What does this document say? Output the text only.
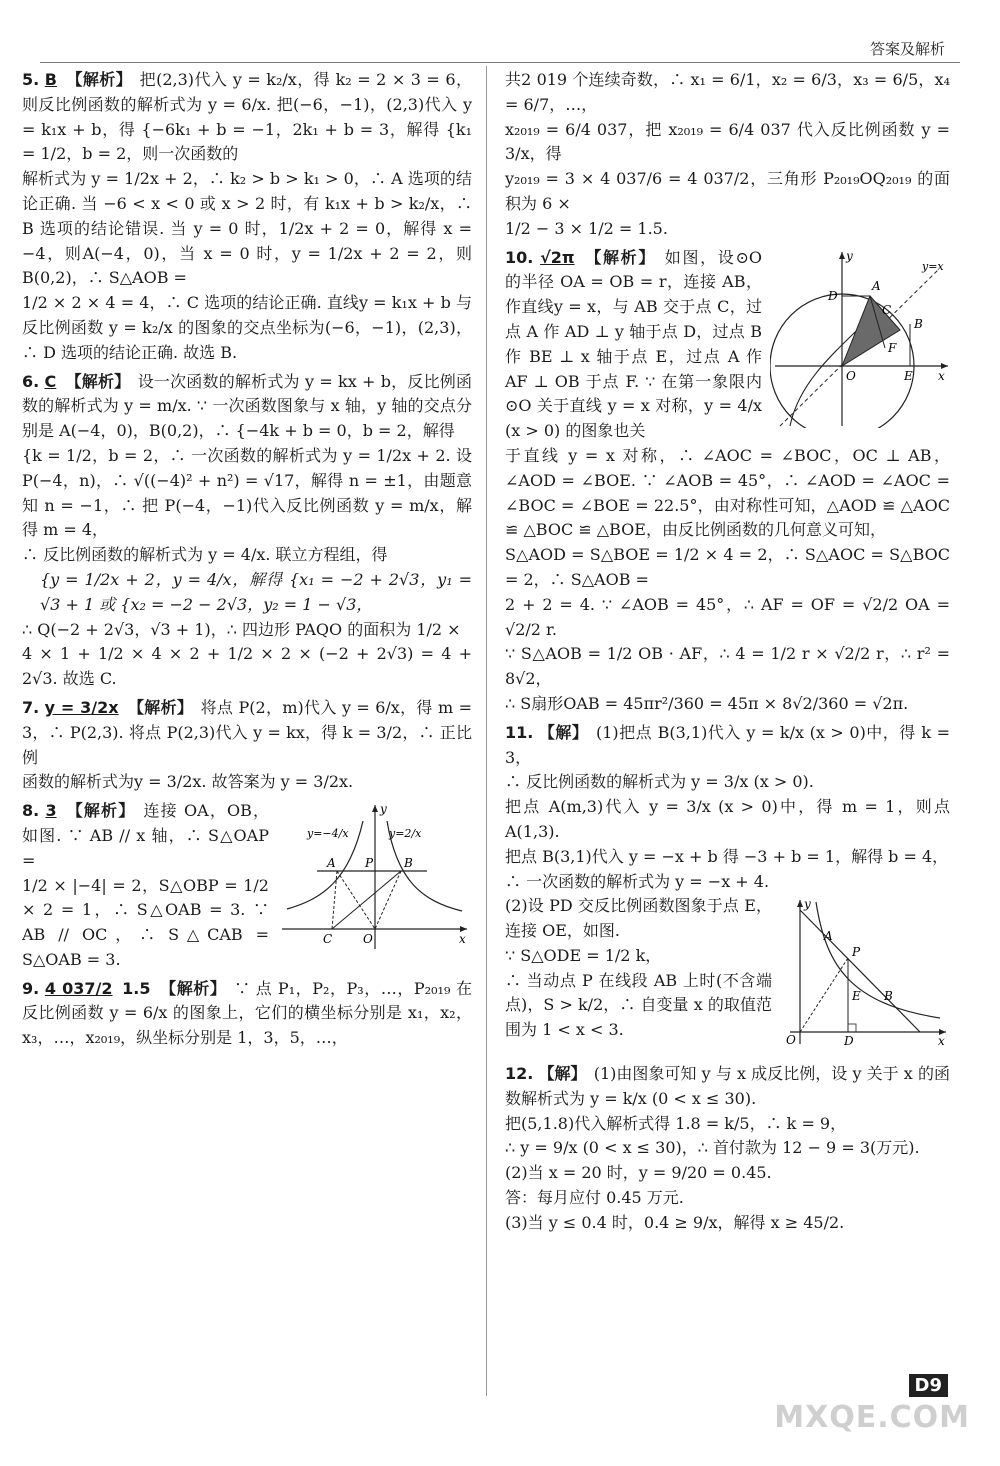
答案及解析
5. B 【解析】 把(2,3)代入 y = k₂/x，得 k₂ = 2 × 3 = 6，则反比例函数的解析式为 y = 6/x. 把(−6，−1)，(2,3)代入 y = k₁x + b，得 {−6k₁ + b = −1，2k₁ + b = 3，解得 {k₁ = 1/2，b = 2，则一次函数的
解析式为 y = 1/2x + 2，∴ k₂ > b > k₁ > 0，∴ A 选项的结论正确. 当 −6 < x < 0 或 x > 2 时，有 k₁x + b > k₂/x，∴ B 选项的结论错误. 当 y = 0 时，1/2x + 2 = 0，解得 x = −4，则A(−4，0)，当 x = 0 时，y = 1/2x + 2 = 2，则 B(0,2)，∴ S△AOB =
1/2 × 2 × 4 = 4，∴ C 选项的结论正确. 直线y = k₁x + b 与反比例函数 y = k₂/x 的图象的交点坐标为(−6，−1)，(2,3)，∴ D 选项的结论正确. 故选 B.
6. C 【解析】 设一次函数的解析式为 y = kx + b，反比例函数的解析式为 y = m/x. ∵ 一次函数图象与 x 轴，y 轴的交点分别是 A(−4，0)，B(0,2)，∴ {−4k + b = 0，b = 2，解得
{k = 1/2，b = 2，∴ 一次函数的解析式为 y = 1/2x + 2. 设 P(−4，n)，∴ √((−4)² + n²) = √17，解得 n = ±1，由题意知 n = −1，∴ 把 P(−4，−1)代入反比例函数 y = m/x，解得 m = 4，
∴ 反比例函数的解析式为 y = 4/x. 联立方程组，得
{y = 1/2x + 2，y = 4/x，解得 {x₁ = −2 + 2√3，y₁ = √3 + 1 或 {x₂ = −2 − 2√3，y₂ = 1 − √3，
∴ Q(−2 + 2√3，√3 + 1)，∴ 四边形 PAQO 的面积为 1/2 ×
4 × 1 + 1/2 × 4 × 2 + 1/2 × 2 × (−2 + 2√3) = 4 + 2√3. 故选 C.
7. y = 3/2x 【解析】 将点 P(2，m)代入 y = 6/x，得 m = 3，∴ P(2,3). 将点 P(2,3)代入 y = kx，得 k = 3/2，∴ 正比例
函数的解析式为y = 3/2x. 故答案为 y = 3/2x.
y=−4/x	y=2/x
A P	B
C	O	x
y
8. 3 【解析】 连接 OA，OB，如图. ∵ AB // x 轴，∴ S△OAP =
1/2 × |−4| = 2，S△OBP = 1/2 × 2 = 1，∴ S△OAB = 3. ∵ AB // OC，∴ S△CAB = S△OAB = 3.
9. 4 037/2 1.5 【解析】 ∵ 点 P₁，P₂，P₃，…，P₂₀₁₉ 在反比例函数 y = 6/x 的图象上，它们的横坐标分别是 x₁，x₂，x₃，…，x₂₀₁₉，纵坐标分别是 1，3，5，…，
共2 019 个连续奇数，∴ x₁ = 6/1，x₂ = 6/3，x₃ = 6/5，x₄ = 6/7，…，
x₂₀₁₉ = 6/4 037，把 x₂₀₁₉ = 6/4 037 代入反比例函数 y = 3/x，得
y₂₀₁₉ = 3 × 4 037/6 = 4 037/2，三角形 P₂₀₁₉OQ₂₀₁₉ 的面积为 6 ×
1/2 − 3 × 1/2 = 1.5.
y=x
A
B
C
D
E
F
O	x
y
10. √2π 【解析】 如图，设⊙O 的半径 OA = OB = r，连接 AB，作直线y = x，与 AB 交于点 C，过点 A 作 AD ⊥ y 轴于点 D，过点 B 作 BE ⊥ x 轴于点 E，过点 A 作 AF ⊥ OB 于点 F. ∵ 在第一象限内⊙O 关于直线 y = x 对称，y = 4/x (x > 0) 的图象也关
于直线 y = x 对称，∴ ∠AOC = ∠BOC，OC ⊥ AB，∠AOD = ∠BOE. ∵ ∠AOB = 45°，∴ ∠AOD = ∠AOC = ∠BOC = ∠BOE = 22.5°，由对称性可知，△AOD ≌ △AOC ≌ △BOC ≌ △BOE，由反比例函数的几何意义可知，
S△AOD = S△BOE = 1/2 × 4 = 2，∴ S△AOC = S△BOC = 2，∴ S△AOB =
2 + 2 = 4. ∵ ∠AOB = 45°，∴ AF = OF = √2/2 OA = √2/2 r.
∵ S△AOB = 1/2 OB · AF，∴ 4 = 1/2 r × √2/2 r，∴ r² = 8√2，
∴ S扇形OAB = 45πr²/360 = 45π × 8√2/360 = √2π.
11. 【解】 (1)把点 B(3,1)代入 y = k/x (x > 0)中，得 k = 3，
∴ 反比例函数的解析式为 y = 3/x (x > 0).
把点 A(m,3)代入 y = 3/x (x > 0)中，得 m = 1，则点 A(1,3).
把点 B(3,1)代入 y = −x + b 得 −3 + b = 1，解得 b = 4，
∴ 一次函数的解析式为 y = −x + 4.
A
P
E B
O	D	x
y
(2)设 PD 交反比例函数图象于点 E，连接 OE，如图.
∵ S△ODE = 1/2 k，
∴ 当动点 P 在线段 AB 上时(不含端点)，S > k/2，∴ 自变量 x 的取值范围为 1 < x < 3.
12. 【解】 (1)由图象可知 y 与 x 成反比例，设 y 关于 x 的函数解析式为 y = k/x (0 < x ≤ 30).
把(5,1.8)代入解析式得 1.8 = k/5，∴ k = 9，
∴ y = 9/x (0 < x ≤ 30)，∴ 首付款为 12 − 9 = 3(万元).
(2)当 x = 20 时，y = 9/20 = 0.45.
答：每月应付 0.45 万元.
(3)当 y ≤ 0.4 时，0.4 ≥ 9/x，解得 x ≥ 45/2.
D9
MXQE.COM
